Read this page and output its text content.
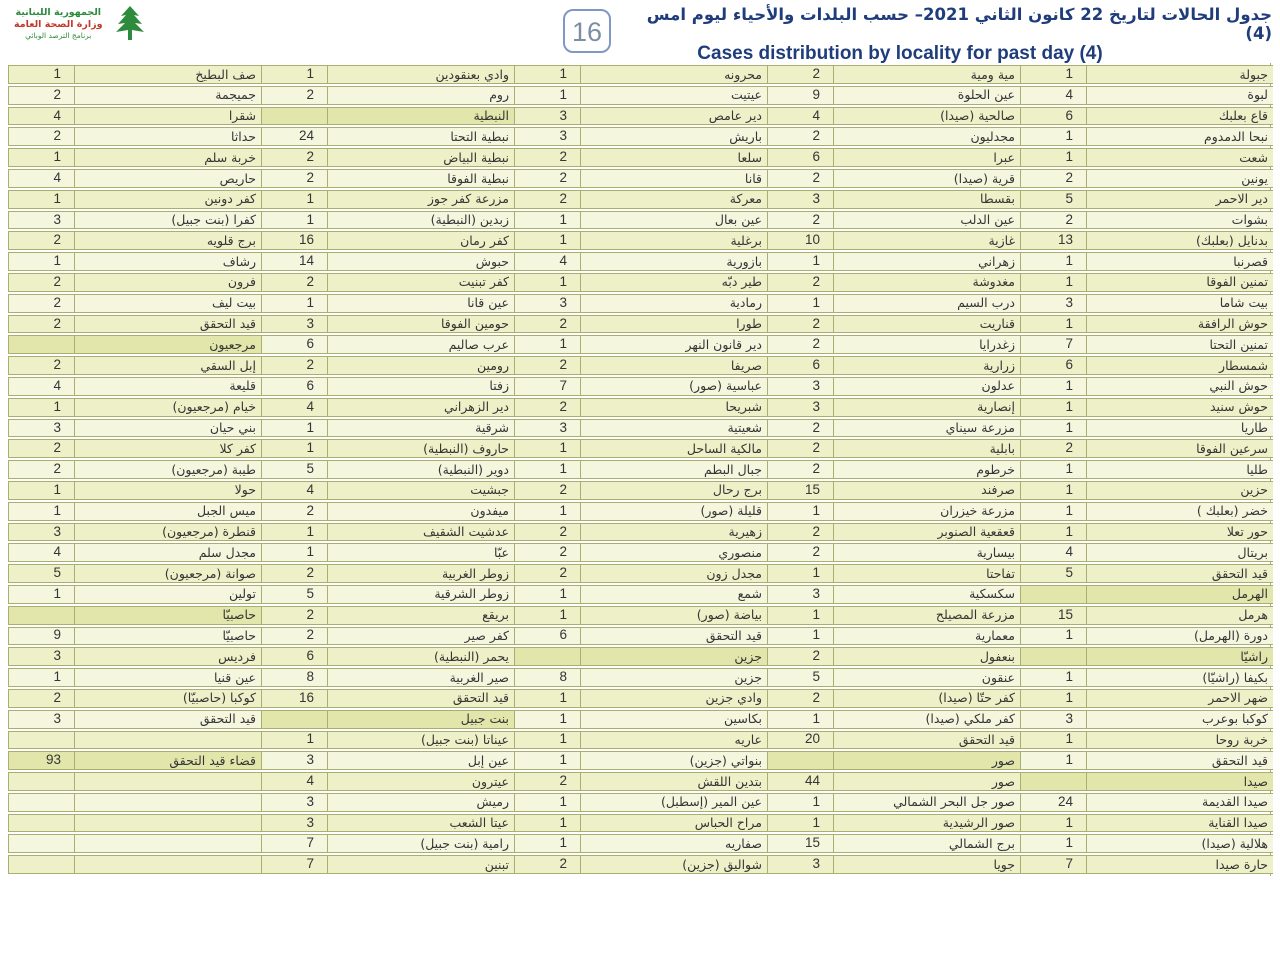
الجمهورية اللبنانية
وزارة الصحة العامة
برنامج الترصد الوبائي	16
جدول الحالات لتاريخ 22 كانون الثاني 2021– حسب البلدات والأحياء ليوم امس (4)
Cases distribution by locality for past day (4)
جبولة	1	مية ومية	2	محرونه	1	وادي بعنقودين	1	صف البطيخ	1
لبوة	4	عين الحلوة	9	عيتيت	1	روم	2	جميجمة	2
قاع بعلبك	6	صالحية (صيدا)	4	دير عامص	3	النبطية		شقرا	4
نبحا الدمدوم	1	مجدليون	2	باريش	3	نبطية التحتا	24	حداثا	2
شعت	1	عبرا	6	سلعا	2	نبطية البياض	2	خربة سلم	1
يونين	2	قرية (صيدا)	2	قانا	2	نبطية الفوقا	2	حاريص	4
دير الاحمر	5	بقسطا	3	معركة	2	مزرعة كفر جوز	1	كفر دونين	1
بشوات	2	عين الدلب	2	عين بعال	1	زبدين (النبطية)	1	كفرا (بنت جبيل)	3
بدنايل (بعلبك)	13	غازية	10	برغلية	1	كفر رمان	16	برج قلويه	2
قصرنبا	1	زهراني	1	بازورية	4	حبوش	14	رشاف	1
تمنين الفوقا	1	مغدوشة	2	طير دبّه	1	كفر تبنيت	2	فرون	2
بيت شاما	3	درب السيم	1	رمادية	3	عين قانا	1	بيت ليف	2
حوش الرافقة	1	قناريت	2	طورا	2	حومين الفوقا	3	قيد التحقق	2
تمنين التحتا	7	زغدرايا	2	دير قانون النهر	1	عرب صاليم	6	مرجعيون	
شمسطار	6	زرارية	6	صريفا	2	رومين	2	إبل السقي	2
حوش النبي	1	عدلون	3	عباسية (صور)	7	زفتا	6	قليعة	4
حوش سنيد	1	إنصارية	3	شبريحا	2	دير الزهراني	4	خيام (مرجعيون)	1
طاريا	1	مزرعة سيناي	2	شعيتية	3	شرقية	1	بني حيان	3
سرعين الفوقا	2	بابلية	2	مالكية الساحل	1	حاروف (النبطية)	1	كفر كلا	2
طليا	1	خرطوم	2	جبال البطم	1	دوير (النبطية)	5	طيبة (مرجعيون)	2
حزين	1	صرفند	15	برج رحال	2	جبشيت	4	حولا	1
خضر (بعلبك )	1	مزرعة خيزران	1	قليلة (صور)	1	ميفدون	2	ميس الجبل	1
حور تعلا	1	قعقعية الصنوبر	2	زهيرية	2	عدشيت الشقيف	1	قنطرة (مرجعيون)	3
بريتال	4	بيسارية	2	منصوري	2	عبّا	1	مجدل سلم	4
قيد التحقق	5	تفاحتا	1	مجدل زون	2	زوطر الغربية	2	صوانة (مرجعيون)	5
الهرمل		سكسكية	3	شمع	1	زوطر الشرقية	5	تولين	1
هرمل	15	مزرعة المصيلح	1	بياضة (صور)	1	بريقع	2	حاصبيّا	
دورة (الهرمل)	1	معمارية	1	قيد التحقق	6	كفر صير	2	حاصبيّا	9
راشيّا		بنعفول	2	جزين		يحمر (النبطية)	6	فرديس	3
بكيفا (راشيّا)	1	عنقون	5	جزين	8	صير الغربية	8	عين قنيا	1
ضهر الاحمر	1	كفر حتّا (صيدا)	2	وادي جزين	1	قيد التحقق	16	كوكبا (حاصبيّا)	2
كوكبا بوعرب	3	كفر ملكي (صيدا)	1	بكاسين	1	بنت جبيل		قيد التحقق	3
خربة روحا	1	قيد التحقق	20	عاريه	1	عيناتا (بنت جبيل)	1		
قيد التحقق	1	صور		بنواتي (جزين)	1	عين إبل	3	قضاء قيد التحقق	93
صيدا		صور	44	بتدين اللقش	2	عيترون	4		
صيدا القديمة	24	صور جل البحر الشمالي	1	عين المير (إسطبل)	1	رميش	3		
صيدا القناية	1	صور الرشيدية	1	مراح الحباس	1	عيتا الشعب	3		
هلالية (صيدا)	1	برج الشمالي	15	صفاريه	1	رامية (بنت جبيل)	7		
حارة صيدا	7	جويا	3	شواليق (جزين)	2	تبنين	7		
